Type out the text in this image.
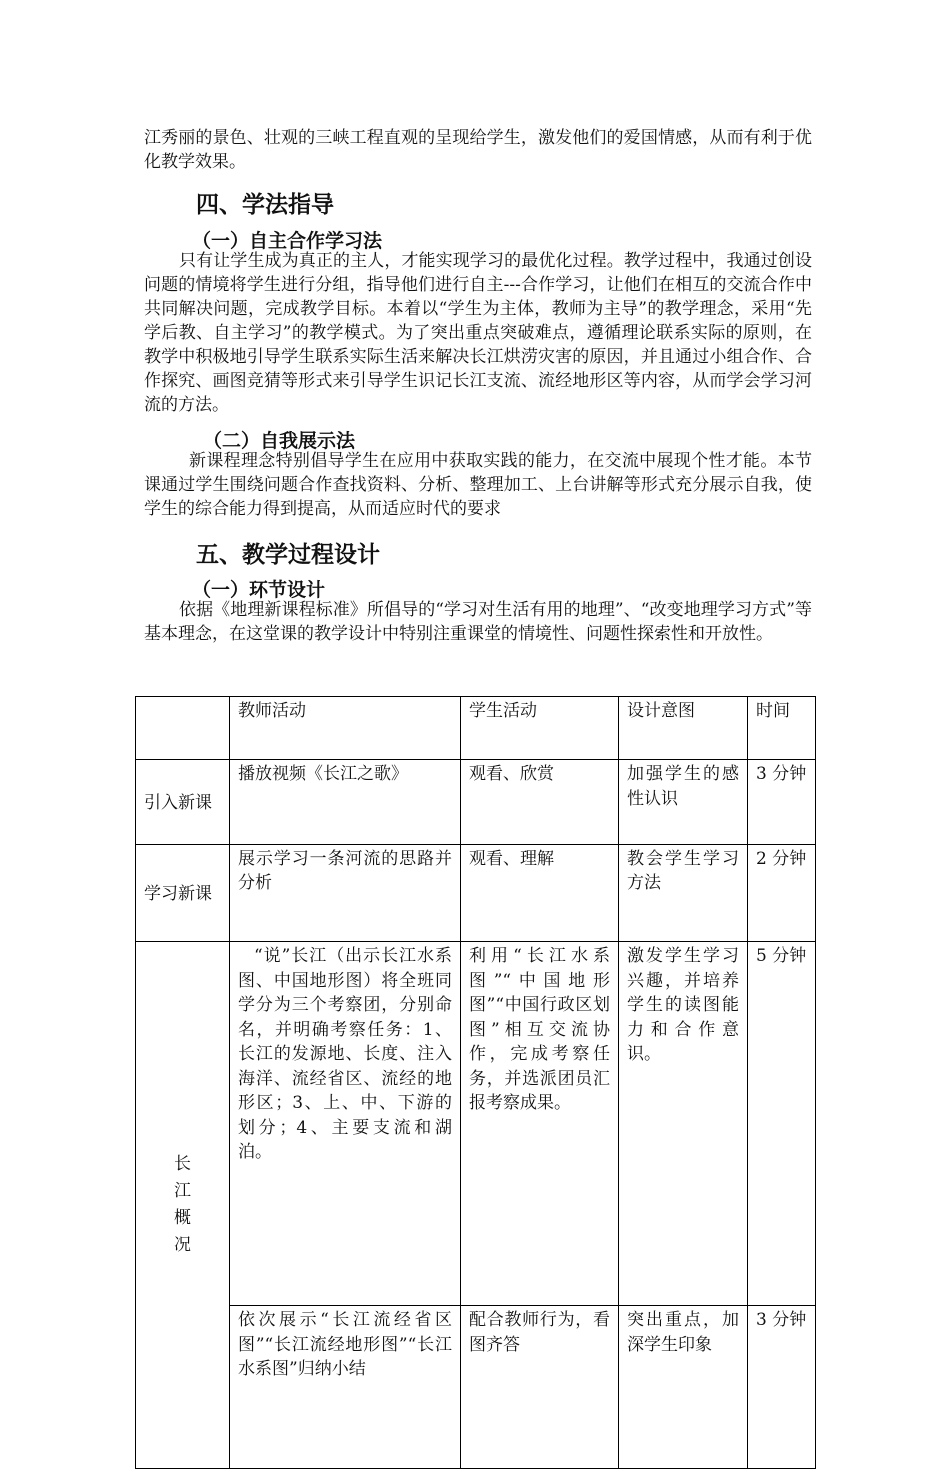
江秀丽的景色、壮观的三峡工程直观的呈现给学生，激发他们的爱国情感，从而有利于优化教学效果。

四、学法指导
（一）自主合作学习法

只有让学生成为真正的主人，才能实现学习的最优化过程。教学过程中，我通过创设问题的情境将学生进行分组，指导他们进行自主---合作学习，让他们在相互的交流合作中共同解决问题，完成教学目标。本着以“学生为主体，教师为主导”的教学理念，采用“先学后教、自主学习”的教学模式。为了突出重点突破难点，遵循理论联系实际的原则，在教学中积极地引导学生联系实际生活来解决长江烘涝灾害的原因，并且通过小组合作、合作探究、画图竞猜等形式来引导学生识记长江支流、流经地形区等内容，从而学会学习河流的方法。

（二）自我展示法

新课程理念特别倡导学生在应用中获取实践的能力，在交流中展现个性才能。本节课通过学生围绕问题合作查找资料、分析、整理加工、上台讲解等形式充分展示自我，使学生的综合能力得到提高，从而适应时代的要求

五、教学过程设计
（一）环节设计

依据《地理新课程标准》所倡导的“学习对生活有用的地理”、“改变地理学习方式”等基本理念，在这堂课的教学设计中特别注重课堂的情境性、问题性探索性和开放性。

	教师活动	学生活动	设计意图	时间
引入新课	播放视频《长江之歌》	观看、欣赏	加强学生的感性认识	3 分钟
学习新课	展示学习一条河流的思路并分析	观看、理解	教会学生学习方法	2 分钟
长江概况	“说”长江（出示长江水系图、中国地形图）将全班同学分为三个考察团，分别命名，并明确考察任务：1、长江的发源地、长度、注入海洋、流经省区、流经的地形区；3、上、中、下游的划分；4、主要支流和湖泊。	利用“长江水系图”“中国地形图”“中国行政区划图”相互交流协作，完成考察任务，并选派团员汇报考察成果。	激发学生学习兴趣，并培养学生的读图能力和合作意识。	5 分钟
	依次展示“长江流经省区图”“长江流经地形图”“长江水系图”归纳小结	配合教师行为，看图齐答	突出重点，加深学生印象	3 分钟
